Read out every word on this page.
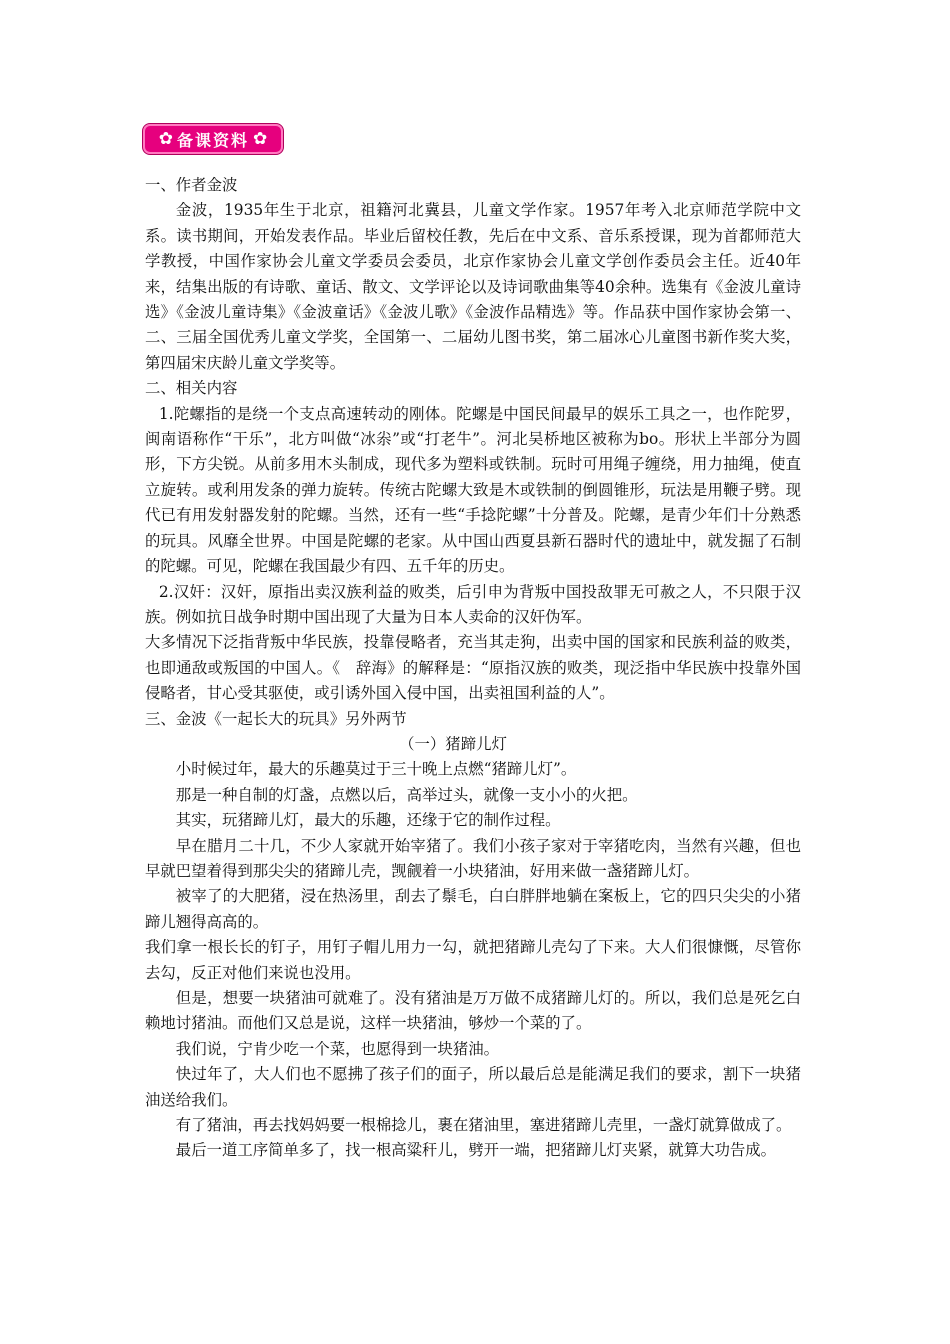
✿ 备课资料 ✿

一、作者金波

金波，1935年生于北京，祖籍河北冀县，儿童文学作家。1957年考入北京师范学院中文系。读书期间，开始发表作品。毕业后留校任教，先后在中文系、音乐系授课，现为首都师范大学教授，中国作家协会儿童文学委员会委员，北京作家协会儿童文学创作委员会主任。近40年来，结集出版的有诗歌、童话、散文、文学评论以及诗词歌曲集等40余种。选集有《金波儿童诗选》《金波儿童诗集》《金波童话》《金波儿歌》《金波作品精选》等。作品获中国作家协会第一、二、三届全国优秀儿童文学奖，全国第一、二届幼儿图书奖，第二届冰心儿童图书新作奖大奖，第四届宋庆龄儿童文学奖等。

二、相关内容

1.陀螺指的是绕一个支点高速转动的刚体。陀螺是中国民间最早的娱乐工具之一，也作陀罗，闽南语称作“干乐”，北方叫做“冰尜”或“打老牛”。河北吴桥地区被称为bo。形状上半部分为圆形，下方尖锐。从前多用木头制成，现代多为塑料或铁制。玩时可用绳子缠绕，用力抽绳，使直立旋转。或利用发条的弹力旋转。传统古陀螺大致是木或铁制的倒圆锥形，玩法是用鞭子劈。现代已有用发射器发射的陀螺。当然，还有一些“手捻陀螺”十分普及。陀螺，是青少年们十分熟悉的玩具。风靡全世界。中国是陀螺的老家。从中国山西夏县新石器时代的遗址中，就发掘了石制的陀螺。可见，陀螺在我国最少有四、五千年的历史。

2.汉奸：汉奸，原指出卖汉族利益的败类，后引申为背叛中国投敌罪无可赦之人，不只限于汉族。例如抗日战争时期中国出现了大量为日本人卖命的汉奸伪军。

大多情况下泛指背叛中华民族，投靠侵略者，充当其走狗，出卖中国的国家和民族利益的败类，也即通敌或叛国的中国人。《　辞海》的解释是：“原指汉族的败类，现泛指中华民族中投靠外国侵略者，甘心受其驱使，或引诱外国入侵中国，出卖祖国利益的人”。

三、金波《一起长大的玩具》另外两节

（一）猪蹄儿灯

小时候过年，最大的乐趣莫过于三十晚上点燃“猪蹄儿灯”。

那是一种自制的灯盏，点燃以后，高举过头，就像一支小小的火把。

其实，玩猪蹄儿灯，最大的乐趣，还缘于它的制作过程。

早在腊月二十几，不少人家就开始宰猪了。我们小孩子家对于宰猪吃肉，当然有兴趣，但也早就巴望着得到那尖尖的猪蹄儿壳，觊觎着一小块猪油，好用来做一盏猪蹄儿灯。

被宰了的大肥猪，浸在热汤里，刮去了鬃毛，白白胖胖地躺在案板上，它的四只尖尖的小猪蹄儿翘得高高的。

我们拿一根长长的钉子，用钉子帽儿用力一勾，就把猪蹄儿壳勾了下来。大人们很慷慨，尽管你去勾，反正对他们来说也没用。

但是，想要一块猪油可就难了。没有猪油是万万做不成猪蹄儿灯的。所以，我们总是死乞白赖地讨猪油。而他们又总是说，这样一块猪油，够炒一个菜的了。

我们说，宁肯少吃一个菜，也愿得到一块猪油。

快过年了，大人们也不愿拂了孩子们的面子，所以最后总是能满足我们的要求，割下一块猪油送给我们。

有了猪油，再去找妈妈要一根棉捻儿，裹在猪油里，塞进猪蹄儿壳里，一盏灯就算做成了。

最后一道工序简单多了，找一根高粱秆儿，劈开一端，把猪蹄儿灯夹紧，就算大功告成。
